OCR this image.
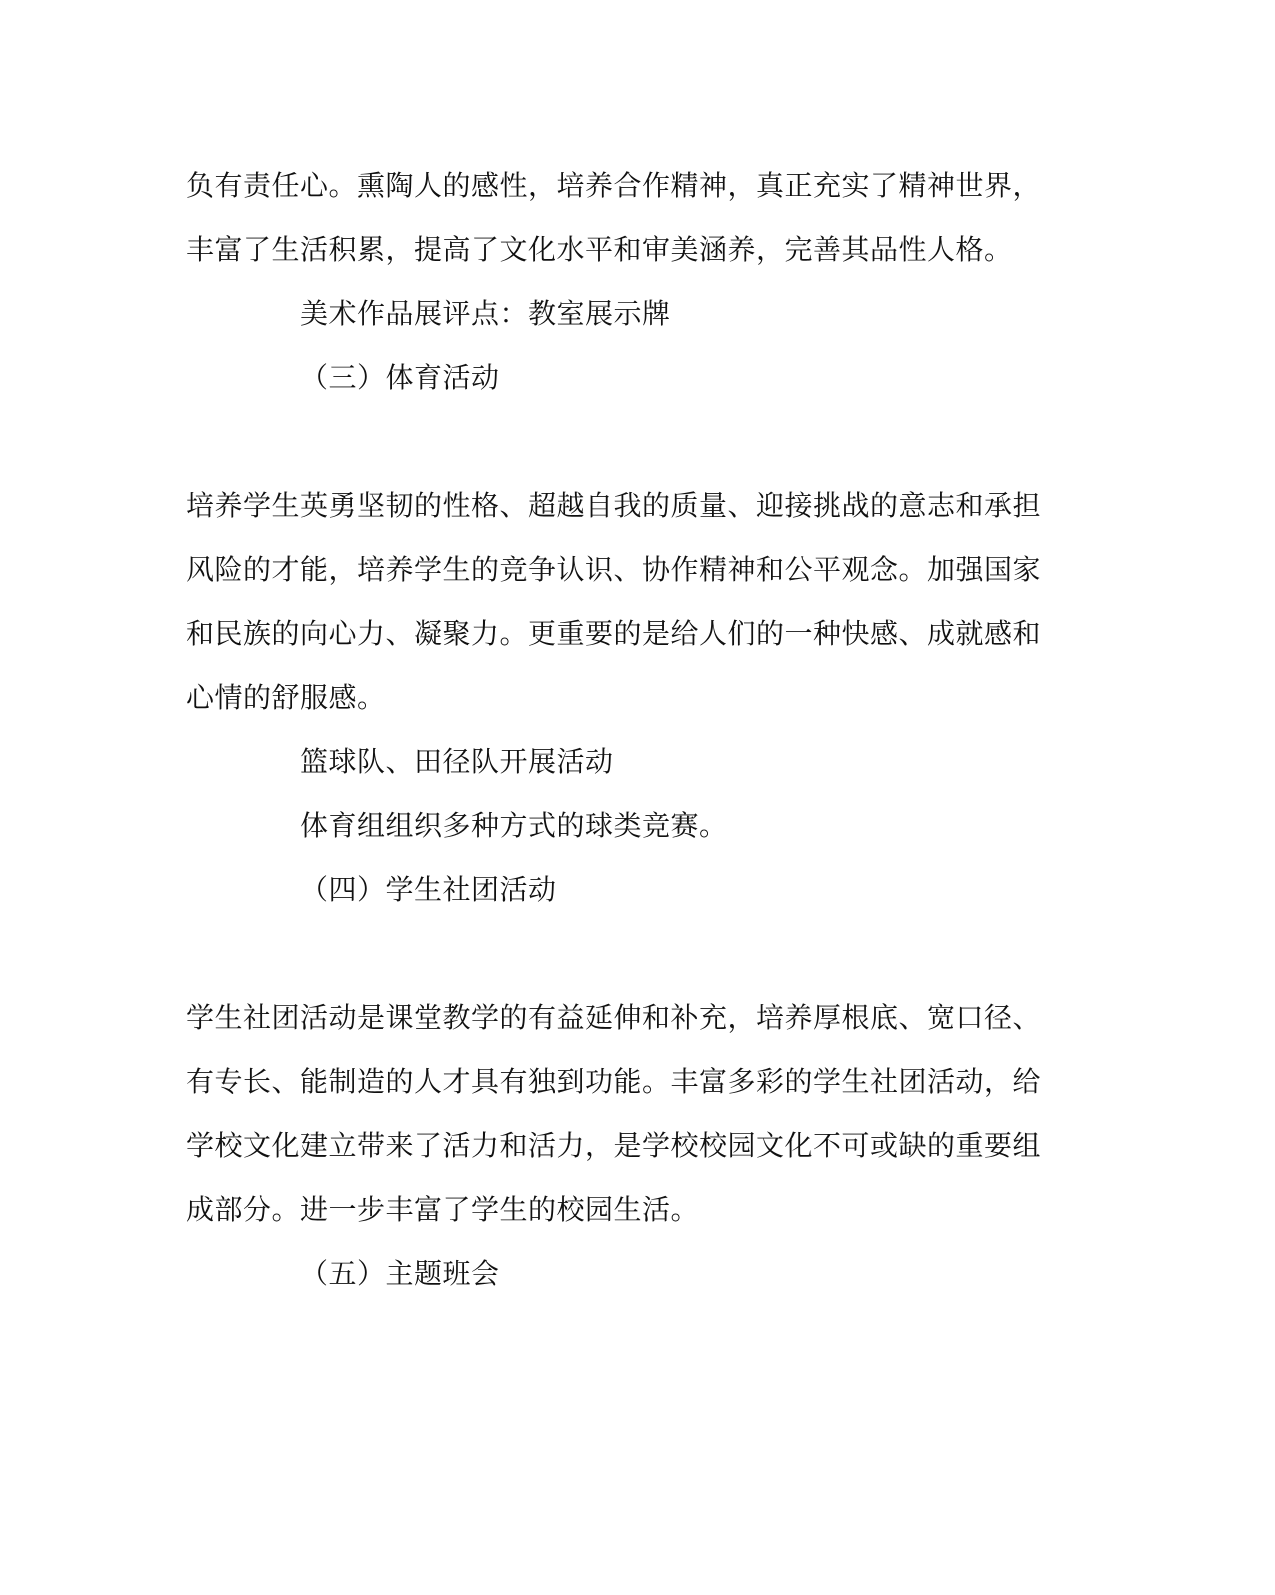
负有责任心。熏陶人的感性，培养合作精神，真正充实了精神世界，
丰富了生活积累，提高了文化水平和审美涵养，完善其品性人格。
美术作品展评点：教室展示牌
（三）体育活动
培养学生英勇坚韧的性格、超越自我的质量、迎接挑战的意志和承担
风险的才能，培养学生的竞争认识、协作精神和公平观念。加强国家
和民族的向心力、凝聚力。更重要的是给人们的一种快感、成就感和
心情的舒服感。
篮球队、田径队开展活动
体育组组织多种方式的球类竞赛。
（四）学生社团活动
学生社团活动是课堂教学的有益延伸和补充，培养厚根底、宽口径、
有专长、能制造的人才具有独到功能。丰富多彩的学生社团活动，给
学校文化建立带来了活力和活力，是学校校园文化不可或缺的重要组
成部分。进一步丰富了学生的校园生活。
（五）主题班会
